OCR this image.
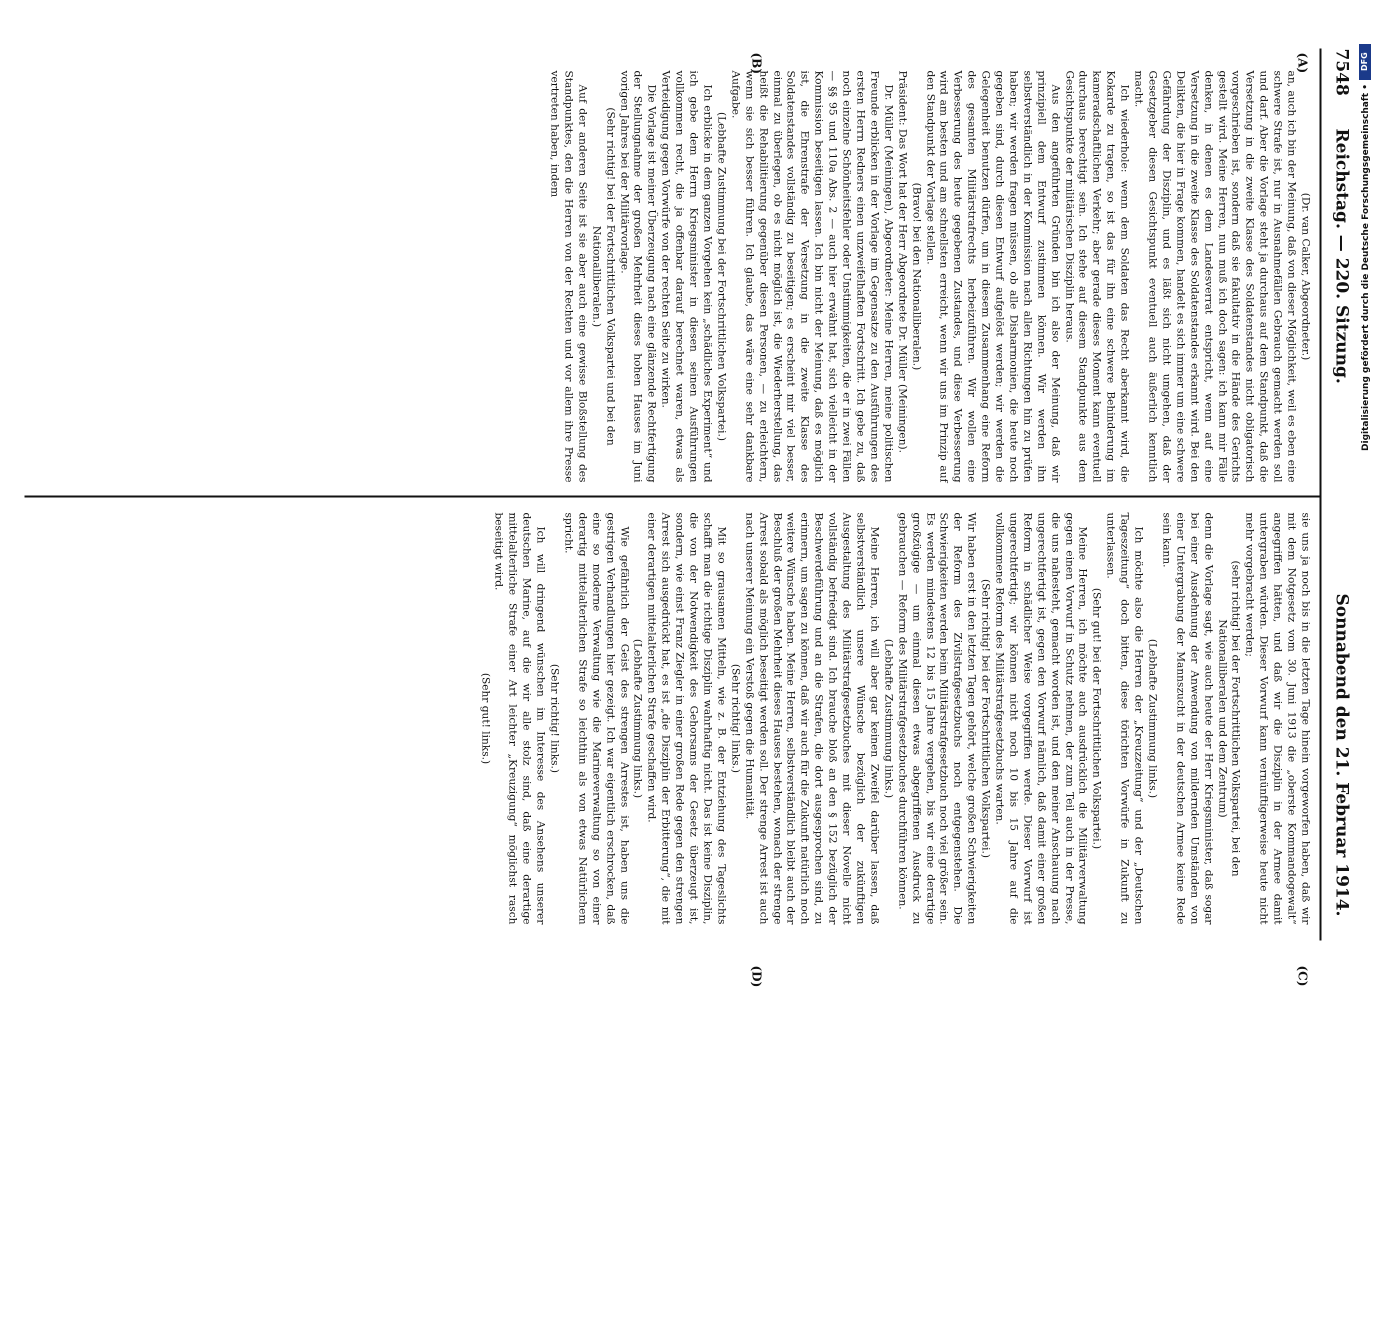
7548
Reichstag. — 220. Sitzung.
Sonnabend den 21. Februar 1914.
(A)
(B)
(C)
(D)

(Dr. van Calker, Abgeordneter.)

an, auch ich bin der Meinung, daß von dieser Möglichkeit, weil es eben eine schwere Strafe ist, nur in Ausnahmefällen Gebrauch gemacht werden soll und darf. Aber die Vorlage steht ja durchaus auf dem Standpunkt, daß die Versetzung in die zweite Klasse des Soldatenstandes nicht obligatorisch vorgeschrieben ist, sondern daß sie fakultativ in die Hände des Gerichts gestellt wird. Meine Herren, nun muß ich doch sagen: ich kann mir Fälle denken, in denen es dem Landesverrat entspricht, wenn auf eine Versetzung in die zweite Klasse des Soldatenstandes erkannt wird. Bei den Delikten, die hier in Frage kommen, handelt es sich immer um eine schwere Gefährdung der Disziplin, und es läßt sich nicht umgehen, daß der Gesetzgeber diesen Gesichtspunkt eventuell auch äußerlich kenntlich macht.

Ich wiederhole: wenn dem Soldaten das Recht aberkannt wird, die Kokarde zu tragen, so ist das für ihn eine schwere Behinderung im kameradschaftlichen Verkehr; aber gerade dieses Moment kann eventuell durchaus berechtigt sein. Ich stehe auf diesem Standpunkte aus dem Gesichtspunkte der militärischen Disziplin heraus.

Aus den angeführten Gründen bin ich also der Meinung, daß wir prinzipiell dem Entwurf zustimmen können. Wir werden ihn selbstverständlich in der Kommission nach allen Richtungen hin zu prüfen haben; wir werden fragen müssen, ob alle Disharmonien, die heute noch gegeben sind, durch diesen Entwurf aufgelöst werden; wir werden die Gelegenheit benutzen dürfen, um in diesem Zusammenhang eine Reform des gesamten Militärstrafrechts herbeizuführen. Wir wollen eine Verbesserung des heute gegebenen Zustandes, und diese Verbesserung wird am besten und am schnellsten erreicht, wenn wir uns im Prinzip auf den Standpunkt der Vorlage stellen.

(Bravo! bei den Nationalliberalen.)

Präsident: Das Wort hat der Herr Abgeordnete Dr. Müller (Meiningen).

Dr. Müller (Meiningen), Abgeordneter: Meine Herren, meine politischen Freunde erblicken in der Vorlage im Gegensatze zu den Ausführungen des ersten Herrn Redners einen unzweifelhaften Fortschritt. Ich gebe zu, daß noch einzelne Schönheitsfehler oder Unstimmigkeiten, die er in zwei Fällen — §§ 95 und 110a Abs. 2 — auch hier erwähnt hat, sich vielleicht in der Kommission beseitigen lassen. Ich bin nicht der Meinung, daß es möglich ist, die Ehrenstrafe der Versetzung in die zweite Klasse des Soldatenstandes vollständig zu beseitigen; es erscheint mir viel besser, einmal zu überlegen, ob es nicht möglich ist, die Wiederherstellung, das heißt die Rehabilitierung gegenüber diesen Personen, — zu erleichtern, wenn sie sich besser führen. Ich glaube, das wäre eine sehr dankbare Aufgabe.

(Lebhafte Zustimmung bei der Fortschrittlichen Volkspartei.)

Ich erblicke in dem ganzen Vorgehen kein „schädliches Experiment“ und ich gebe dem Herrn Kriegsminister in diesen seinen Ausführungen vollkommen recht, die ja offenbar darauf berechnet waren, etwas als Verteidigung gegen Vorwürfe von der rechten Seite zu wirken.

Die Vorlage ist meiner Überzeugung nach eine glänzende Rechtfertigung der Stellungnahme der großen Mehrheit dieses hohen Hauses im Juni vorigen Jahres bei der Militärvorlage.

(Sehr richtig! bei der Fortschrittlichen Volkspartei und bei den Nationalliberalen.)

Auf der anderen Seite ist sie aber auch eine gewisse Bloßstellung des Standpunktes, den die Herren von der Rechten und vor allem ihre Presse vertreten haben, indem

sie uns ja noch bis in die letzten Tage hinein vorgeworfen haben, daß wir mit dem Notgesetz vom 30. Juni 1913 die „oberste Kommandogewalt“ angegriffen hätten, und daß wir die Disziplin in der Armee damit untergraben würden. Dieser Vorwurf kann vernünftigerweise heute nicht mehr vorgebracht werden;

(sehr richtig! bei der Fortschrittlichen Volkspartei, bei den Nationalliberalen und dem Zentrum)

denn die Vorlage sagt, wie auch heute der Herr Kriegsminister, daß sogar bei einer Ausdehnung der Anwendung von mildernden Umständen von einer Untergrabung der Mannszucht in der deutschen Armee keine Rede sein kann.

(Lebhafte Zustimmung links.)

Ich möchte also die Herren der „Kreuzzeitung“ und der „Deutschen Tageszeitung“ doch bitten, diese törichten Vorwürfe in Zukunft zu unterlassen.

(Sehr gut! bei der Fortschrittlichen Volkspartei.)

Meine Herren, ich möchte auch ausdrücklich die Militärverwaltung gegen einen Vorwurf in Schutz nehmen, der zum Teil auch in der Presse, die uns nahesteht, gemacht worden ist, und den meiner Anschauung nach ungerechtfertigt ist, gegen den Vorwurf nämlich, daß damit einer großen Reform in schädlicher Weise vorgegriffen werde. Dieser Vorwurf ist ungerechtfertigt; wir können nicht noch 10 bis 15 Jahre auf die vollkommene Reform des Militärstrafgesetzbuchs warten.

(Sehr richtig! bei der Fortschrittlichen Volkspartei.)

Wir haben erst in den letzten Tagen gehört, welche großen Schwierigkeiten der Reform des Zivilstrafgesetzbuchs noch entgegenstehen. Die Schwierigkeiten werden beim Militärstrafgesetzbuch noch viel größer sein. Es werden mindestens 12 bis 15 Jahre vergehen, bis wir eine derartige großzügige — um einmal diesen etwas abgegriffenen Ausdruck zu gebrauchen — Reform des Militärstrafgesetzbuches durchführen können.

(Lebhafte Zustimmung links.)

Meine Herren, ich will aber gar keinen Zweifel darüber lassen, daß selbstverständlich unsere Wünsche bezüglich der zukünftigen Ausgestaltung des Militärstrafgesetzbuches mit dieser Novelle nicht vollständig befriedigt sind. Ich brauche bloß an den § 152 bezüglich der Beschwerdeführung und an die Strafen, die dort ausgesprochen sind, zu erinnern, um sagen zu können, daß wir auch für die Zukunft natürlich noch weitere Wünsche haben. Meine Herren, selbstverständlich bleibt auch der Beschluß der großen Mehrheit dieses Hauses bestehen, wonach der strenge Arrest sobald als möglich beseitigt werden soll. Der strenge Arrest ist auch nach unserer Meinung ein Verstoß gegen die Humanität.

(Sehr richtig! links.)

Mit so grausamen Mitteln, wie z. B. der Entziehung des Tageslichts schafft man die richtige Disziplin wahrhaftig nicht. Das ist keine Disziplin, die von der Notwendigkeit des Gehorsams der Gesetz überzeugt ist, sondern, wie einst Franz Ziegler in einer großen Rede gegen den strengen Arrest sich ausgedrückt hat, es ist „die Disziplin der Erbitterung“, die mit einer derartigen mittelalterlichen Strafe geschaffen wird.

(Lebhafte Zustimmung links.)

Wie gefährlich der Geist des strengen Arrestes ist, haben uns die gestrigen Verhandlungen hier gezeigt. Ich war eigentlich erschrocken, daß eine so moderne Verwaltung wie die Marineverwaltung so von einer derartig mittelalterlichen Strafe so leichthin als von etwas Natürlichem spricht.

(Sehr richtig! links.)

Ich will dringend wünschen im Interesse des Ansehens unserer deutschen Marine, auf die wir alle stolz sind, daß eine derartige mittelalterliche Strafe einer Art leichter „Kreuzigung“ möglichst rasch beseitigt wird.

(Sehr gut! links.)

DFG
Digitalisierung gefördert durch die Deutsche Forschungsgemeinschaft •
